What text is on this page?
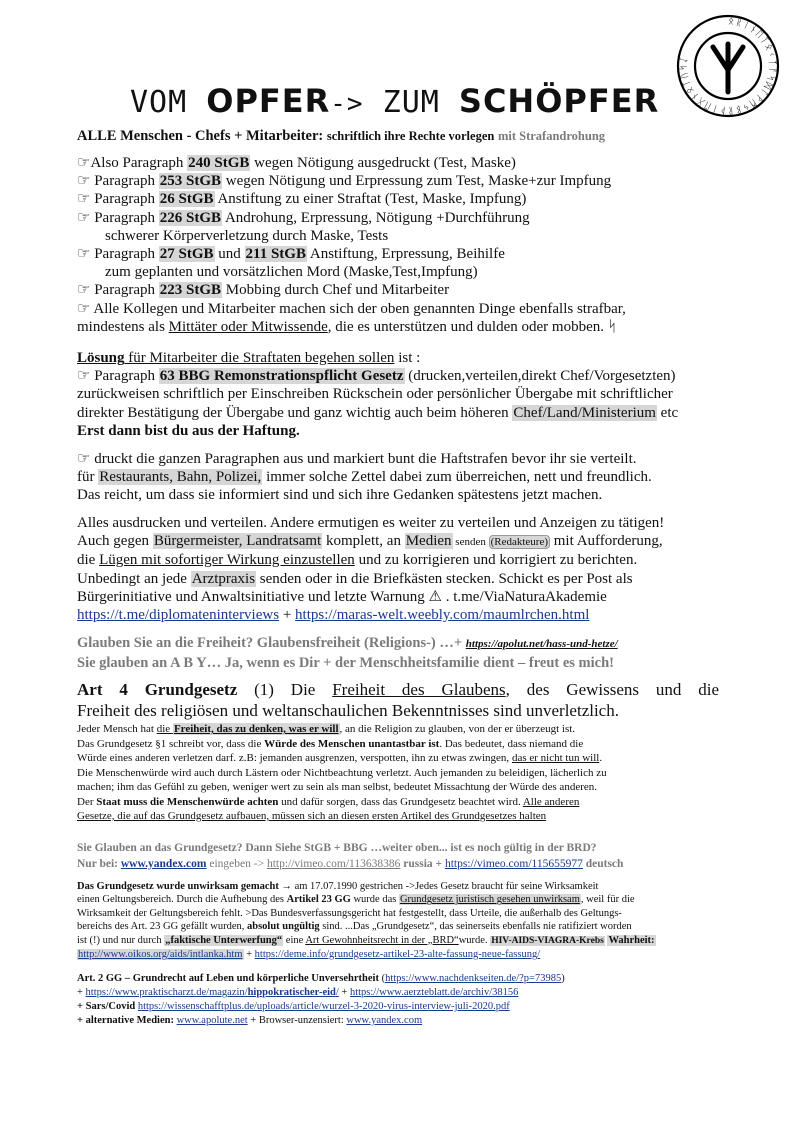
ᛟᚱᛁᚾᛖᛏᛟᚲᛉᚨᛋᛞᛚᚹᛗᛃᛒᚱᚦᛁᛖᚷᚾᛟᛏᚢᛋᛇ
VOM OPFER-> ZUM SCHÖPFER
ALLE Menschen - Chefs + Mitarbeiter: schriftlich ihre Rechte vorlegen mit Strafandrohung

☞Also Paragraph 240 StGB wegen Nötigung ausgedruckt (Test, Maske)

☞ Paragraph 253 StGB wegen Nötigung und Erpressung zum Test, Maske+zur Impfung

☞ Paragraph 26 StGB Anstiftung zu einer Straftat (Test, Maske, Impfung)

☞ Paragraph 226 StGB Androhung, Erpressung, Nötigung +Durchführung

schwerer Körperverletzung durch Maske, Tests

☞ Paragraph 27 StGB und 211 StGB Anstiftung, Erpressung, Beihilfe

zum geplanten und vorsätzlichen Mord (Maske,Test,Impfung)

☞ Paragraph 223 StGB Mobbing durch Chef und Mitarbeiter

☞ Alle Kollegen und Mitarbeiter machen sich der oben genannten Dinge ebenfalls strafbar,

mindestens als Mittäter oder Mitwissende, die es unterstützen und dulden oder mobben. ᛋ

Lösung für Mitarbeiter die Straftaten begehen sollen ist :

☞ Paragraph 63 BBG Remonstrationspflicht Gesetz (drucken,verteilen,direkt Chef/Vorgesetzten)

zurückweisen schriftlich per Einschreiben Rückschein oder persönlicher Übergabe mit schriftlicher

direkter Bestätigung der Übergabe und ganz wichtig auch beim höheren Chef/Land/Ministerium etc

Erst dann bist du aus der Haftung.

☞ druckt die ganzen Paragraphen aus und markiert bunt die Haftstrafen bevor ihr sie verteilt.

für Restaurants, Bahn, Polizei, immer solche Zettel dabei zum überreichen, nett und freundlich.

Das reicht, um dass sie informiert sind und sich ihre Gedanken spätestens jetzt machen.

Alles ausdrucken und verteilen. Andere ermutigen es weiter zu verteilen und Anzeigen zu tätigen!

Auch gegen Bürgermeister, Landratsamt komplett, an Medien senden (Redakteure) mit Aufforderung,

die Lügen mit sofortiger Wirkung einzustellen und zu korrigieren und korrigiert zu berichten.

Unbedingt an jede Arztpraxis senden oder in die Briefkästen stecken. Schickt es per Post als

Bürgerinitiative und Anwaltsinitiative und letzte Warnung ⚠ . t.me/ViaNaturaAkademie

https://t.me/diplomateninterviews + https://maras-welt.weebly.com/maumlrchen.html

Glauben Sie an die Freiheit? Glaubensfreiheit (Religions-) …+ https://apolut.net/hass-und-hetze/

Sie glauben an A B Y… Ja, wenn es Dir + der Menschheitsfamilie dient – freut es mich!

Art 4 Grundgesetz (1) Die Freiheit des Glaubens, des Gewissens und die

Freiheit des religiösen und weltanschaulichen Bekenntnisses sind unverletzlich.

Jeder Mensch hat die Freiheit, das zu denken, was er will, an die Religion zu glauben, von der er überzeugt ist.

Das Grundgesetz §1 schreibt vor, dass die Würde des Menschen unantastbar ist. Das bedeutet, dass niemand die

Würde eines anderen verletzen darf. z.B: jemanden ausgrenzen, verspotten, ihn zu etwas zwingen, das er nicht tun will.

Die Menschenwürde wird auch durch Lästern oder Nichtbeachtung verletzt. Auch jemanden zu beleidigen, lächerlich zu

machen; ihm das Gefühl zu geben, weniger wert zu sein als man selbst, bedeutet Missachtung der Würde des anderen.

Der Staat muss die Menschenwürde achten und dafür sorgen, dass das Grundgesetz beachtet wird. Alle anderen

Gesetze, die auf das Grundgesetz aufbauen, müssen sich an diesen ersten Artikel des Grundgesetzes halten

Sie Glauben an das Grundgesetz? Dann Siehe StGB + BBG …weiter oben... ist es noch gültig in der BRD?

Nur bei: www.yandex.com eingeben -> http://vimeo.com/113638386 russia + https://vimeo.com/115655977 deutsch

Das Grundgesetz wurde unwirksam gemacht → am 17.07.1990 gestrichen ->Jedes Gesetz braucht für seine Wirksamkeit

einen Geltungsbereich. Durch die Aufhebung des Artikel 23 GG wurde das Grundgesetz juristisch gesehen unwirksam, weil für die

Wirksamkeit der Geltungsbereich fehlt. >Das Bundesverfassungsgericht hat festgestellt, dass Urteile, die außerhalb des Geltungs-

bereichs des Art. 23 GG gefällt wurden, absolut ungültig sind. ...Das „Grundgesetz“, das seinerseits ebenfalls nie ratifiziert worden

ist (!) und nur durch „faktische Unterwerfung“ eine Art Gewohnheitsrecht in der „BRD“wurde. HIV-AIDS-VIAGRA-Krebs Wahrheit:

http://www.oikos.org/aids/intlanka.htm + https://deme.info/grundgesetz-artikel-23-alte-fassung-neue-fassung/

Art. 2 GG – Grundrecht auf Leben und körperliche Unversehrtheit (https://www.nachdenkseiten.de/?p=73985)

+ https://www.praktischarzt.de/magazin/hippokratischer-eid/ + https://www.aerzteblatt.de/archiv/38156

+ Sars/Covid https://wissenschafftplus.de/uploads/article/wurzel-3-2020-virus-interview-juli-2020.pdf

+ alternative Medien: www.apolute.net + Browser-unzensiert: www.yandex.com
